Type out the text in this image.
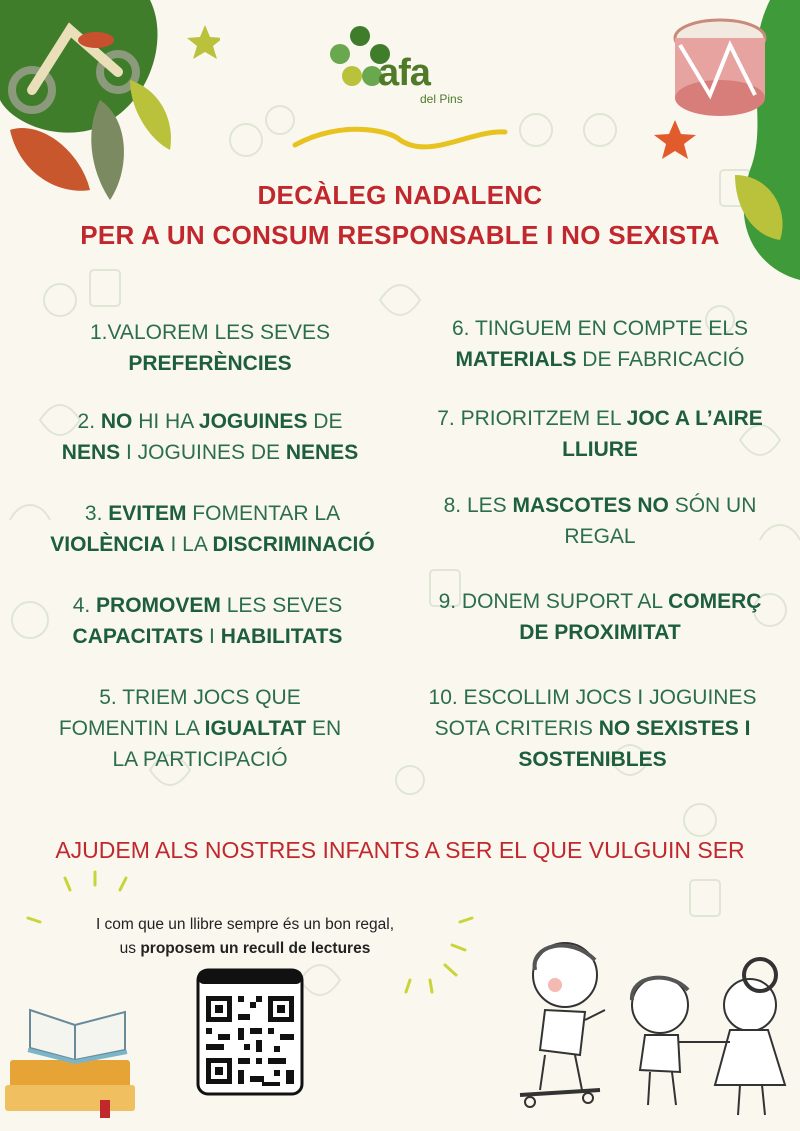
afa
del Pins
DECÀLEG NADALENC
PER A UN CONSUM RESPONSABLE I NO SEXISTA
1.VALOREM LES SEVES
PREFERÈNCIES
2. NO HI HA JOGUINES DE
NENS I JOGUINES DE NENES
3. EVITEM FOMENTAR LA
VIOLÈNCIA I LA DISCRIMINACIÓ
4. PROMOVEM LES SEVES
CAPACITATS I HABILITATS
5. TRIEM JOCS QUE
FOMENTIN LA IGUALTAT EN
LA PARTICIPACIÓ
6. TINGUEM EN COMPTE ELS
MATERIALS DE FABRICACIÓ
7. PRIORITZEM EL JOC A L’AIRE
LLIURE
8. LES MASCOTES NO SÓN UN
REGAL
9. DONEM SUPORT AL COMERÇ
DE PROXIMITAT
10. ESCOLLIM JOCS I JOGUINES
SOTA CRITERIS NO SEXISTES I
SOSTENIBLES
AJUDEM ALS NOSTRES INFANTS A SER EL QUE VULGUIN SER
I com que un llibre sempre és un bon regal,
us proposem un recull de lectures
